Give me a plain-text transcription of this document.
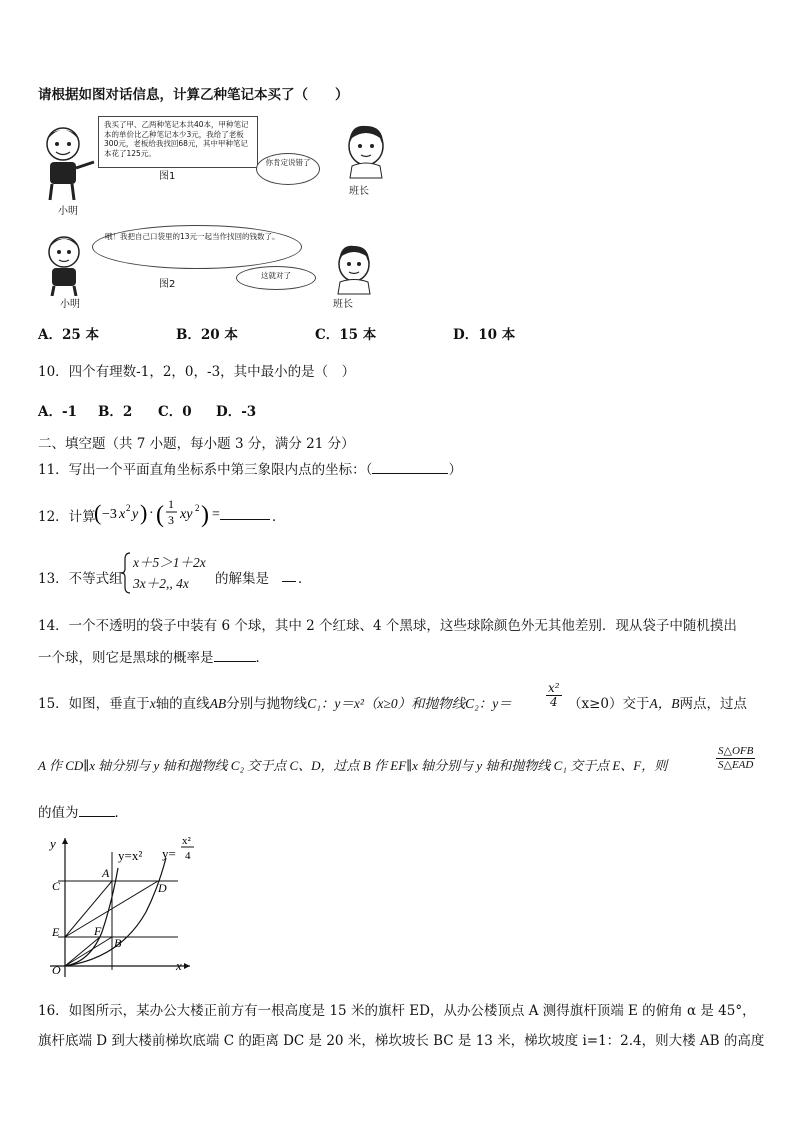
请根据如图对话信息，计算乙种笔记本买了（　　）
我买了甲、乙两种笔记本共40本，甲种笔记本的单价比乙种笔记本少3元，我给了老板300元，老板给我找回68元，其中甲种笔记本花了125元。
图1
小明
你肯定说错了
班长
哦！我把自己口袋里的13元一起当作找回的钱数了。
图2
小明
这就对了
班长
A．25 本	B．20 本	C．15 本	D．10 本
10．四个有理数-1，2，0，-3，其中最小的是（　）
A．-1 B．2 C．0 D．-3
二、填空题（共 7 小题，每小题 3 分，满分 21 分）
11．写出一个平面直角坐标系中第三象限内点的坐标：（	）
12．计算
( −3 x 2 y ) · ( 1
3 xy 2 ) =	．
13．不等式组
x＋5＞1＋2x
3x＋2,, 4x 的解集是 ．
14．一个不透明的袋子中装有 6 个球，其中 2 个红球、4 个黑球，这些球除颜色外无其他差别．现从袋子中随机摸出
一个球，则它是黑球的概率是	．
15．如图，垂直于x轴的直线AB分别与抛物线C₁：y＝x²（x≥0）和抛物线C₂：y＝	$\frac{\text{x²}}{4} (x\ge 0)$交于A，B两点，过点
A 作 CD∥x 轴分别与 y 轴和抛物线 C₂ 交于点 C、D，过点 B 作 EF∥x 轴分别与 y 轴和抛物线 C₁ 交于点 E、F，则
S△OFB
S△EAD
的值为	．
y
x
y=x² y=
x²
4
A
B
C	D
E	F
O
16．如图所示，某办公大楼正前方有一根高度是 15 米的旗杆 ED，从办公楼顶点 A 测得旗杆顶端 E 的俯角 α 是 45°，
旗杆底端 D 到大楼前梯坎底端 C 的距离 DC 是 20 米，梯坎坡长 BC 是 13 米，梯坎坡度 i=1：2.4，则大楼 AB 的高度
